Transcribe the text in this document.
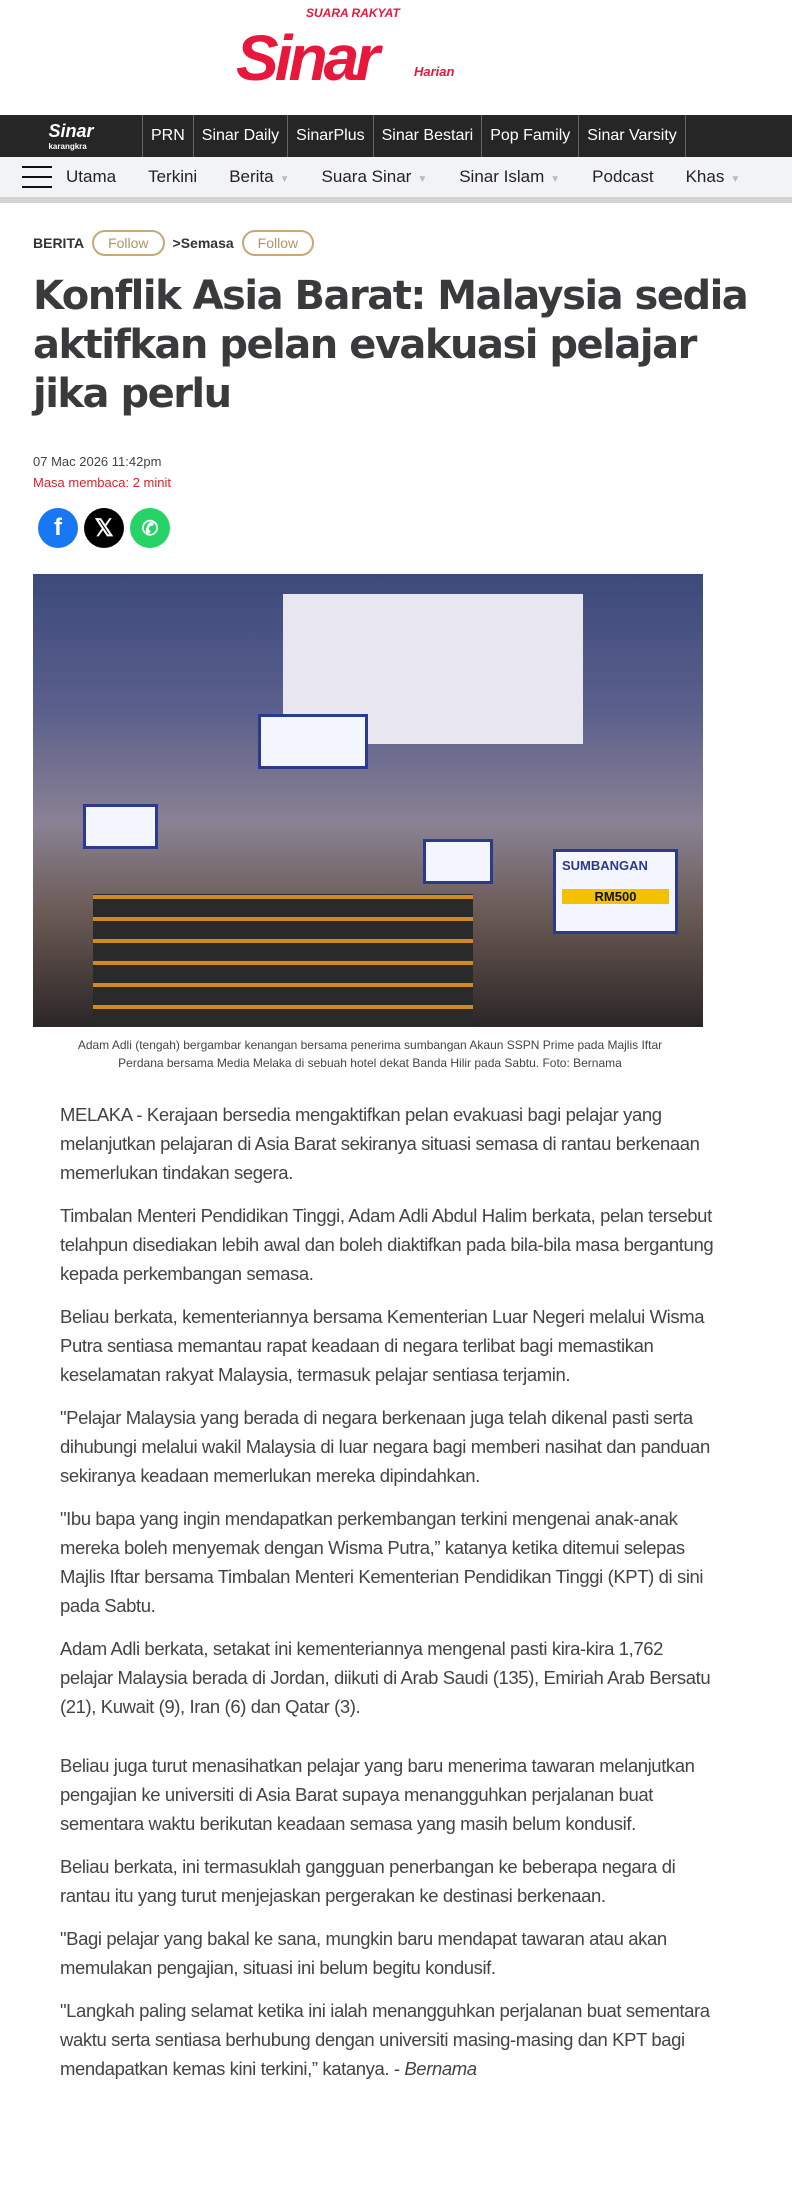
SUARA RAKYAT
Sinar	Harian
Sinar
karangkra
PRN	Sinar Daily	SinarPlus	Sinar Bestari	Pop Family	Sinar Varsity
Utama Terkini Berita ▼ Suara Sinar ▼ Sinar Islam ▼ Podcast Khas ▼
BERITA	Follow	>Semasa	Follow
Konflik Asia Barat: Malaysia sedia aktifkan pelan evakuasi pelajar jika perlu
07 Mac 2026 11:42pm
Masa membaca: 2 minit
f	𝕏	✆
SUMBANGAN
RM500
Adam Adli (tengah) bergambar kenangan bersama penerima sumbangan Akaun SSPN Prime pada Majlis Iftar Perdana bersama Media Melaka di sebuah hotel dekat Banda Hilir pada Sabtu. Foto: Bernama

MELAKA - Kerajaan bersedia mengaktifkan pelan evakuasi bagi pelajar yang melanjutkan pelajaran di Asia Barat sekiranya situasi semasa di rantau berkenaan memerlukan tindakan segera.

Timbalan Menteri Pendidikan Tinggi, Adam Adli Abdul Halim berkata, pelan tersebut telahpun disediakan lebih awal dan boleh diaktifkan pada bila-bila masa bergantung kepada perkembangan semasa.

Beliau berkata, kementeriannya bersama Kementerian Luar Negeri melalui Wisma Putra sentiasa memantau rapat keadaan di negara terlibat bagi memastikan keselamatan rakyat Malaysia, termasuk pelajar sentiasa terjamin.

"Pelajar Malaysia yang berada di negara berkenaan juga telah dikenal pasti serta dihubungi melalui wakil Malaysia di luar negara bagi memberi nasihat dan panduan sekiranya keadaan memerlukan mereka dipindahkan.

"Ibu bapa yang ingin mendapatkan perkembangan terkini mengenai anak-anak mereka boleh menyemak dengan Wisma Putra,” katanya ketika ditemui selepas Majlis Iftar bersama Timbalan Menteri Kementerian Pendidikan Tinggi (KPT) di sini pada Sabtu.

Adam Adli berkata, setakat ini kementeriannya mengenal pasti kira-kira 1,762 pelajar Malaysia berada di Jordan, diikuti di Arab Saudi (135), Emiriah Arab Bersatu (21), Kuwait (9), Iran (6) dan Qatar (3).

Beliau juga turut menasihatkan pelajar yang baru menerima tawaran melanjutkan pengajian ke universiti di Asia Barat supaya menangguhkan perjalanan buat sementara waktu berikutan keadaan semasa yang masih belum kondusif.

Beliau berkata, ini termasuklah gangguan penerbangan ke beberapa negara di rantau itu yang turut menjejaskan pergerakan ke destinasi berkenaan.

"Bagi pelajar yang bakal ke sana, mungkin baru mendapat tawaran atau akan memulakan pengajian, situasi ini belum begitu kondusif.

"Langkah paling selamat ketika ini ialah menangguhkan perjalanan buat sementara waktu serta sentiasa berhubung dengan universiti masing-masing dan KPT bagi mendapatkan kemas kini terkini,” katanya. - Bernama
